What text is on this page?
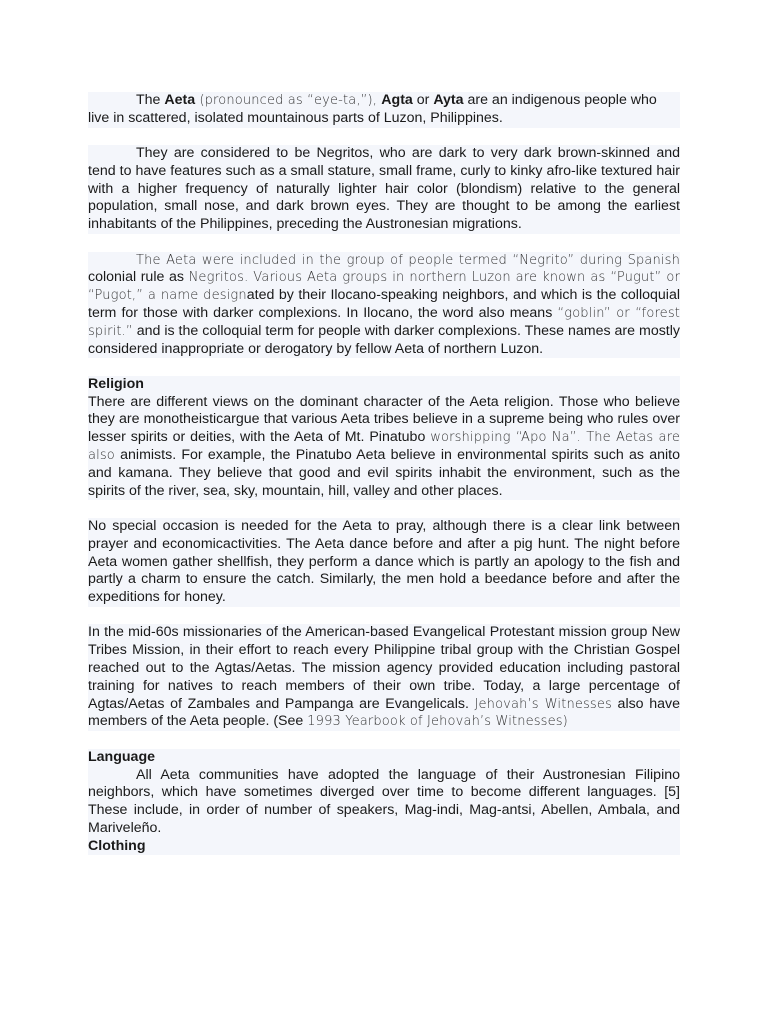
The Aeta (pronounced as “eye-ta,”), Agta or Ayta are an indigenous people who live in scattered, isolated mountainous parts of Luzon, Philippines.

They are considered to be Negritos, who are dark to very dark brown-skinned and tend to have features such as a small stature, small frame, curly to kinky afro-like textured hair with a higher frequency of naturally lighter hair color (blondism) relative to the general population, small nose, and dark brown eyes. They are thought to be among the earliest inhabitants of the Philippines, preceding the Austronesian migrations.

The Aeta were included in the group of people termed “Negrito” during Spanish colonial rule as Negritos. Various Aeta groups in northern Luzon are known as “Pugut” or “Pugot,” a name designated by their Ilocano-speaking neighbors, and which is the colloquial term for those with darker complexions. In Ilocano, the word also means “goblin” or “forest spirit.” and is the colloquial term for people with darker complexions. These names are mostly considered inappropriate or derogatory by fellow Aeta of northern Luzon.

Religion

There are different views on the dominant character of the Aeta religion. Those who believe they are monotheisticargue that various Aeta tribes believe in a supreme being who rules over lesser spirits or deities, with the Aeta of Mt. Pinatubo worshipping “Apo Na”. The Aetas are also animists. For example, the Pinatubo Aeta believe in environmental spirits such as anito and kamana. They believe that good and evil spirits inhabit the environment, such as the spirits of the river, sea, sky, mountain, hill, valley and other places.

No special occasion is needed for the Aeta to pray, although there is a clear link between prayer and economicactivities. The Aeta dance before and after a pig hunt. The night before Aeta women gather shellfish, they perform a dance which is partly an apology to the fish and partly a charm to ensure the catch. Similarly, the men hold a beedance before and after the expeditions for honey.

In the mid-60s missionaries of the American-based Evangelical Protestant mission group New Tribes Mission, in their effort to reach every Philippine tribal group with the Christian Gospel reached out to the Agtas/Aetas. The mission agency provided education including pastoral training for natives to reach members of their own tribe. Today, a large percentage of Agtas/Aetas of Zambales and Pampanga are Evangelicals. Jehovah’s Witnesses also have members of the Aeta people. (See 1993 Yearbook of Jehovah’s Witnesses)

Language

All Aeta communities have adopted the language of their Austronesian Filipino neighbors, which have sometimes diverged over time to become different languages. [5] These include, in order of number of speakers, Mag-indi, Mag-antsi, Abellen, Ambala, and Mariveleño.

Clothing
